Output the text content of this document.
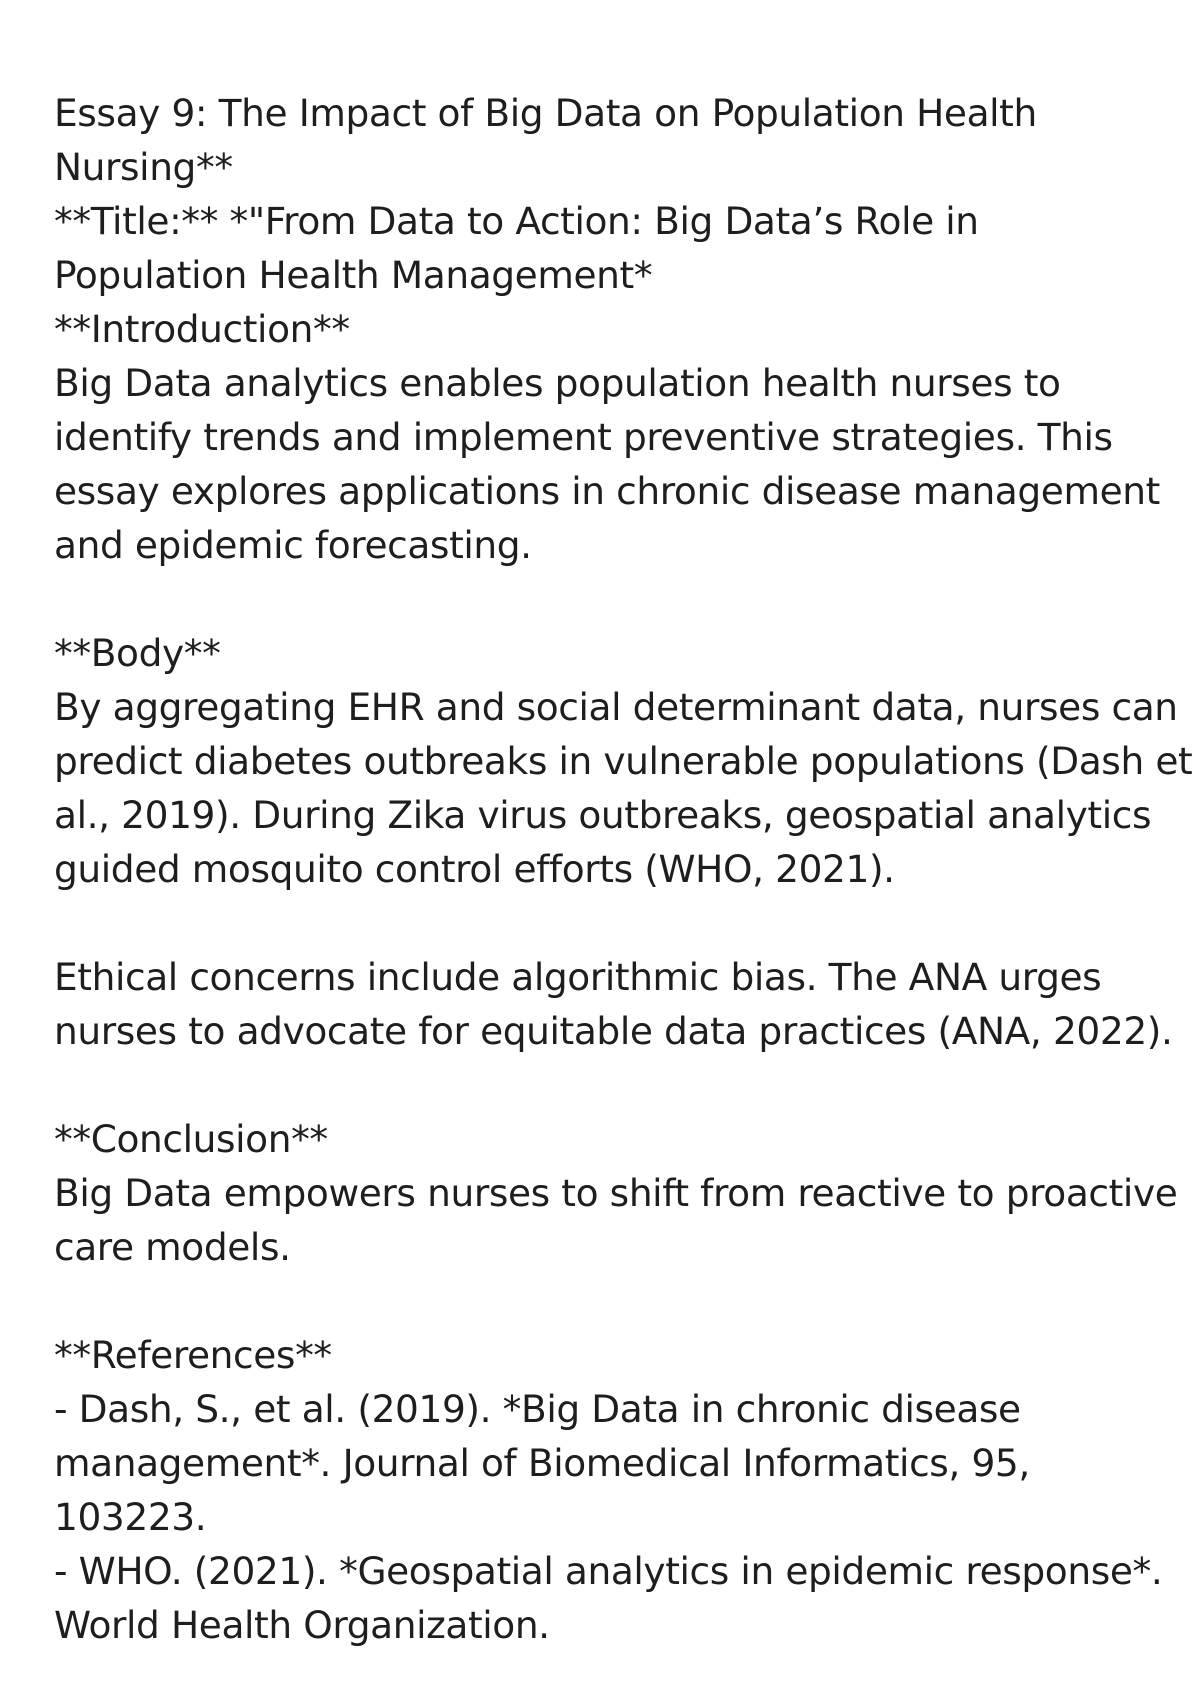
Essay 9: The Impact of Big Data on Population Health
Nursing**
**Title:** *"From Data to Action: Big Data’s Role in
Population Health Management*
**Introduction**
Big Data analytics enables population health nurses to
identify trends and implement preventive strategies. This
essay explores applications in chronic disease management
and epidemic forecasting.
**Body**
By aggregating EHR and social determinant data, nurses can
predict diabetes outbreaks in vulnerable populations (Dash et
al., 2019). During Zika virus outbreaks, geospatial analytics
guided mosquito control efforts (WHO, 2021).
Ethical concerns include algorithmic bias. The ANA urges
nurses to advocate for equitable data practices (ANA, 2022).
**Conclusion**
Big Data empowers nurses to shift from reactive to proactive
care models.
**References**
- Dash, S., et al. (2019). *Big Data in chronic disease
management*. Journal of Biomedical Informatics, 95,
103223.
- WHO. (2021). *Geospatial analytics in epidemic response*.
World Health Organization.
